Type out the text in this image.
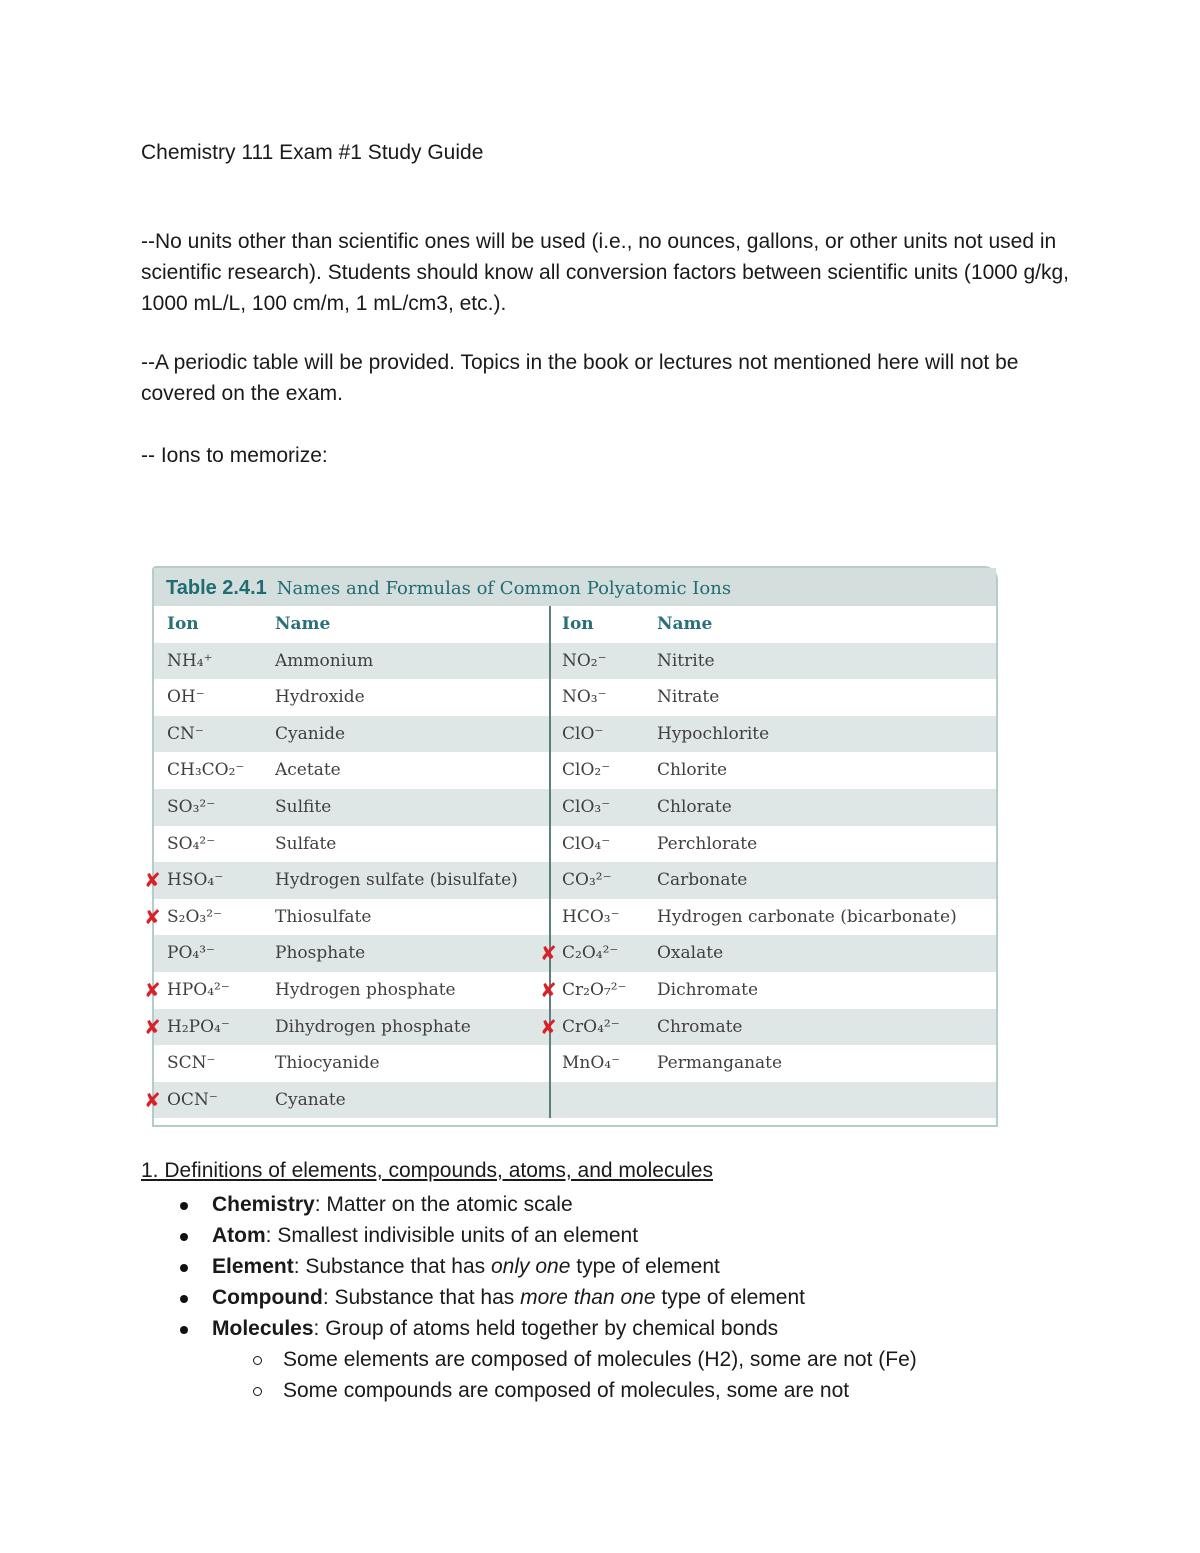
Chemistry 111 Exam #1 Study Guide
--No units other than scientific ones will be used (i.e., no ounces, gallons, or other units not used in scientific research). Students should know all conversion factors between scientific units (1000 g/kg, 1000 mL/L, 100 cm/m, 1 mL/cm3, etc.).
--A periodic table will be provided. Topics in the book or lectures not mentioned here will not be covered on the exam.
-- Ions to memorize:
Table 2.4.1 Names and Formulas of Common Polyatomic Ions
Ion	Name	Ion	Name
NH₄⁺	Ammonium	NO₂⁻	Nitrite
OH⁻	Hydroxide	NO₃⁻	Nitrate
CN⁻	Cyanide	ClO⁻	Hypochlorite
CH₃CO₂⁻	Acetate	ClO₂⁻	Chlorite
SO₃²⁻	Sulfite	ClO₃⁻	Chlorate
SO₄²⁻	Sulfate	ClO₄⁻	Perchlorate
✘ HSO₄⁻	Hydrogen sulfate (bisulfate)	CO₃²⁻	Carbonate
✘ S₂O₃²⁻	Thiosulfate	HCO₃⁻	Hydrogen carbonate (bicarbonate)
PO₄³⁻	Phosphate	✘ C₂O₄²⁻	Oxalate
✘ HPO₄²⁻	Hydrogen phosphate	✘ Cr₂O₇²⁻	Dichromate
✘ H₂PO₄⁻	Dihydrogen phosphate	✘ CrO₄²⁻	Chromate
SCN⁻	Thiocyanide	MnO₄⁻	Permanganate
✘ OCN⁻	Cyanate
1. Definitions of elements, compounds, atoms, and molecules
Chemistry: Matter on the atomic scale
Atom: Smallest indivisible units of an element
Element: Substance that has only one type of element
Compound: Substance that has more than one type of element
Molecules: Group of atoms held together by chemical bonds
Some elements are composed of molecules (H2), some are not (Fe)
Some compounds are composed of molecules, some are not
